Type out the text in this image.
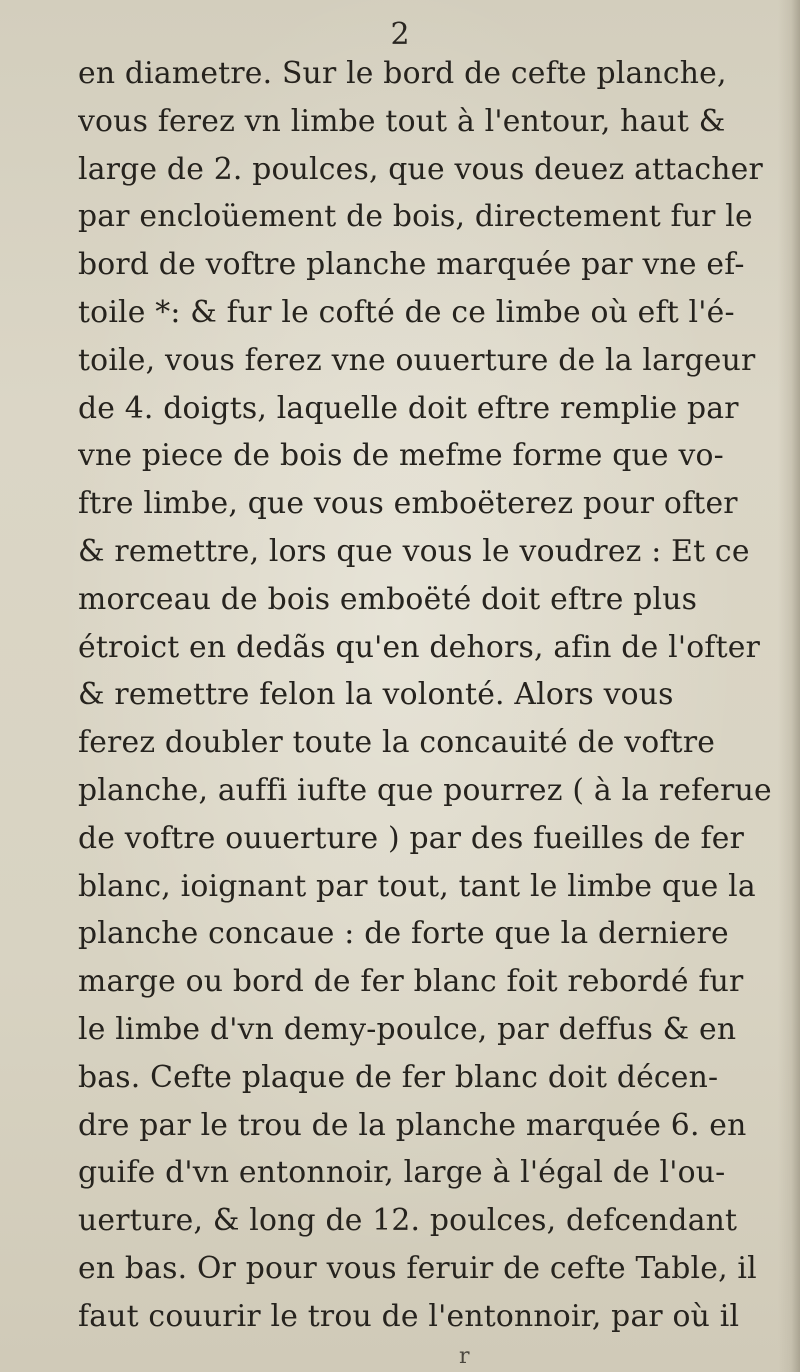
2
en diametre. Sur le bord de cefte planche,
vous ferez vn limbe tout à l'entour, haut &
large de 2. poulces, que vous deuez attacher
par encloüement de bois, directement fur le
bord de voftre planche marquée par vne ef-
toile *: & fur le cofté de ce limbe où eft l'é-
toile, vous ferez vne ouuerture de la largeur
de 4. doigts, laquelle doit eftre remplie par
vne piece de bois de mefme forme que vo-
ftre limbe, que vous emboëterez pour ofter
& remettre, lors que vous le voudrez : Et ce
morceau de bois emboëté doit eftre plus
étroict en dedãs qu'en dehors, afin de l'ofter
& remettre felon la volonté. Alors vous
ferez doubler toute la concauité de voftre
planche, auffi iufte que pourrez ( à la referue
de voftre ouuerture ) par des fueilles de fer
blanc, ioignant par tout, tant le limbe que la
planche concaue : de forte que la derniere
marge ou bord de fer blanc foit rebordé fur
le limbe d'vn demy-poulce, par deffus & en
bas. Cefte plaque de fer blanc doit décen-
dre par le trou de la planche marquée 6. en
guife d'vn entonnoir, large à l'égal de l'ou-
uerture, & long de 12. poulces, defcendant
en bas. Or pour vous feruir de cefte Table, il
faut couurir le trou de l'entonnoir, par où il
r
